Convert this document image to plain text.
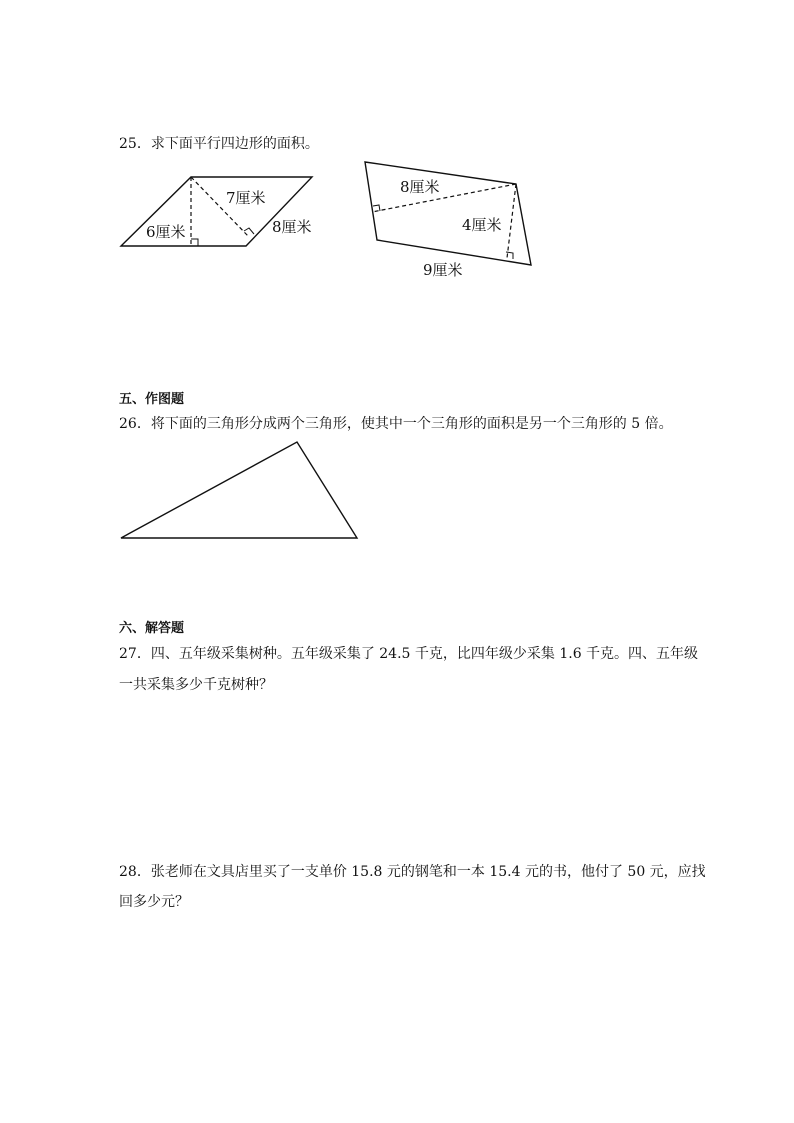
25．求下面平行四边形的面积。
7厘米
6厘米	8厘米
8厘米
4厘米
9厘米
五、作图题
26．将下面的三角形分成两个三角形，使其中一个三角形的面积是另一个三角形的 5 倍。
六、解答题
27．四、五年级采集树种。五年级采集了 24.5 千克，比四年级少采集 1.6 千克。四、五年级
一共采集多少千克树种？
28．张老师在文具店里买了一支单价 15.8 元的钢笔和一本 15.4 元的书，他付了 50 元，应找
回多少元？
